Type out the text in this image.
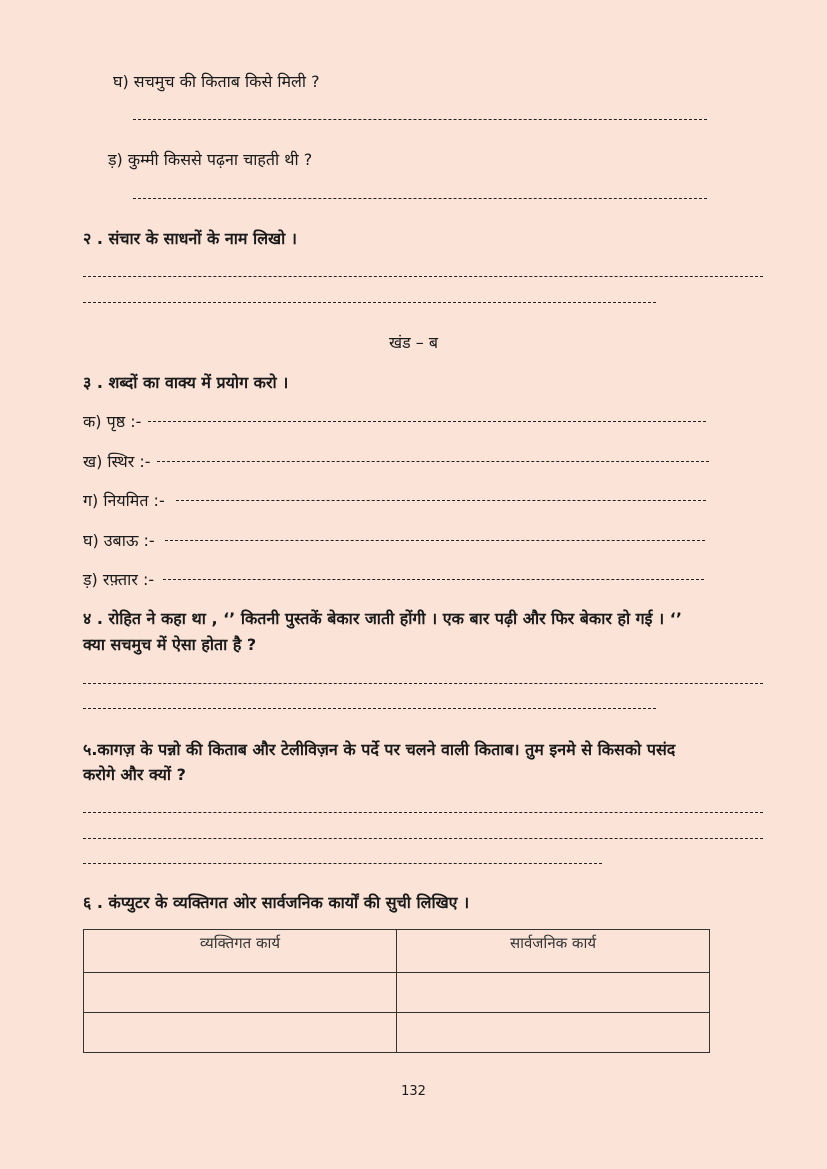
घ) सचमुच की किताब किसे मिली ?
ड़) कुम्मी किससे पढ़ना चाहती थी ?
२ . संचार के साधनों के नाम लिखो ।
खंड – ब
३ . शब्दों का वाक्य में प्रयोग करो ।
क) पृष्ठ :-
ख) स्थिर :-
ग) नियमित :-
घ) उबाऊ :-
ड़) रफ़्तार :-
४ . रोहित ने कहा था , ‘’ कितनी पुस्तकें बेकार जाती होंगी । एक बार पढ़ी और फिर बेकार हो गई । ‘’
क्या सचमुच में ऐसा होता है ?
५.कागज़ के पन्नो की किताब और टेलीविज़न के पर्दे पर चलने वाली किताब। तुम इनमे से किसको पसंद
करोगे और क्यों ?
६ . कंप्युटर के व्यक्तिगत ओर सार्वजनिक कार्यों की सुची लिखिए ।
व्यक्तिगत कार्य	सार्वजनिक कार्य

132
